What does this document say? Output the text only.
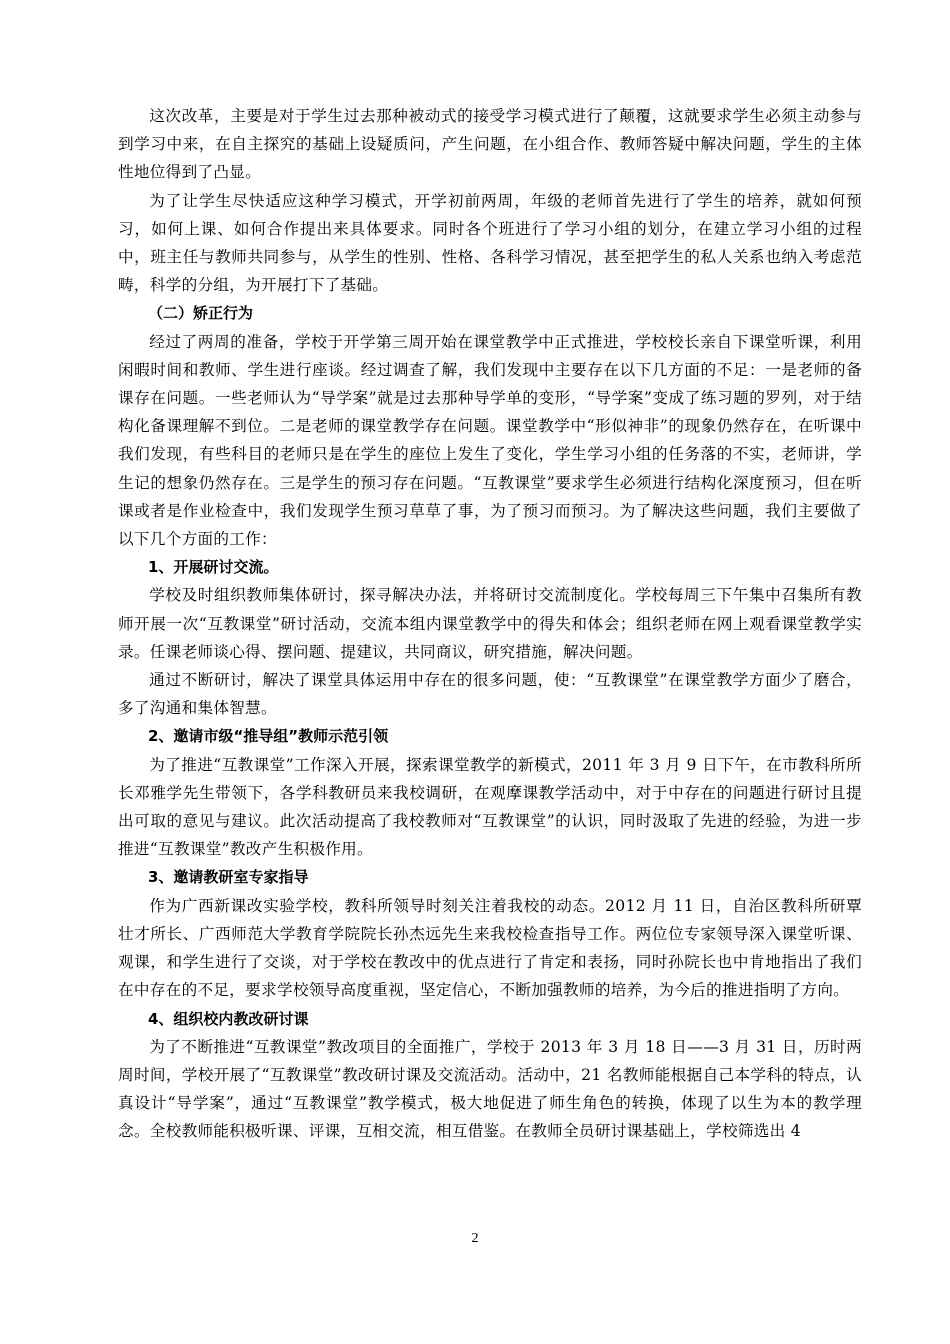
这次改革，主要是对于学生过去那种被动式的接受学习模式进行了颠覆，这就要求学生必须主动参与到学习中来，在自主探究的基础上设疑质问，产生问题，在小组合作、教师答疑中解决问题，学生的主体性地位得到了凸显。

为了让学生尽快适应这种学习模式，开学初前两周，年级的老师首先进行了学生的培养，就如何预习，如何上课、如何合作提出来具体要求。同时各个班进行了学习小组的划分，在建立学习小组的过程中，班主任与教师共同参与，从学生的性别、性格、各科学习情况，甚至把学生的私人关系也纳入考虑范畴，科学的分组，为开展打下了基础。

（二）矫正行为

经过了两周的准备，学校于开学第三周开始在课堂教学中正式推进，学校校长亲自下课堂听课，利用闲暇时间和教师、学生进行座谈。经过调查了解，我们发现中主要存在以下几方面的不足：一是老师的备课存在问题。一些老师认为“导学案”就是过去那种导学单的变形，“导学案”变成了练习题的罗列，对于结构化备课理解不到位。二是老师的课堂教学存在问题。课堂教学中“形似神非”的现象仍然存在，在听课中我们发现，有些科目的老师只是在学生的座位上发生了变化，学生学习小组的任务落的不实，老师讲，学生记的想象仍然存在。三是学生的预习存在问题。“互教课堂”要求学生必须进行结构化深度预习，但在听课或者是作业检查中，我们发现学生预习草草了事，为了预习而预习。为了解决这些问题，我们主要做了以下几个方面的工作：

1、开展研讨交流。

学校及时组织教师集体研讨，探寻解决办法，并将研讨交流制度化。学校每周三下午集中召集所有教师开展一次“互教课堂”研讨活动，交流本组内课堂教学中的得失和体会；组织老师在网上观看课堂教学实录。任课老师谈心得、摆问题、提建议，共同商议，研究措施，解决问题。

通过不断研讨，解决了课堂具体运用中存在的很多问题，使：“互教课堂”在课堂教学方面少了磨合，多了沟通和集体智慧。

2、邀请市级“推导组”教师示范引领

为了推进“互教课堂”工作深入开展，探索课堂教学的新模式，2011 年 3 月 9 日下午，在市教科所所长邓雅学先生带领下，各学科教研员来我校调研，在观摩课教学活动中，对于中存在的问题进行研讨且提出可取的意见与建议。此次活动提高了我校教师对“互教课堂”的认识，同时汲取了先进的经验，为进一步推进“互教课堂”教改产生积极作用。

3、邀请教研室专家指导

作为广西新课改实验学校，教科所领导时刻关注着我校的动态。2012 月 11 日，自治区教科所研覃壮才所长、广西师范大学教育学院院长孙杰远先生来我校检查指导工作。两位位专家领导深入课堂听课、观课，和学生进行了交谈，对于学校在教改中的优点进行了肯定和表扬，同时孙院长也中肯地指出了我们在中存在的不足，要求学校领导高度重视，坚定信心，不断加强教师的培养，为今后的推进指明了方向。

4、组织校内教改研讨课

为了不断推进“互教课堂”教改项目的全面推广，学校于 2013 年 3 月 18 日——3 月 31 日，历时两周时间，学校开展了“互教课堂”教改研讨课及交流活动。活动中，21 名教师能根据自己本学科的特点，认真设计“导学案”，通过“互教课堂”教学模式，极大地促进了师生角色的转换，体现了以生为本的教学理念。全校教师能积极听课、评课，互相交流，相互借鉴。在教师全员研讨课基础上，学校筛选出 4

2
